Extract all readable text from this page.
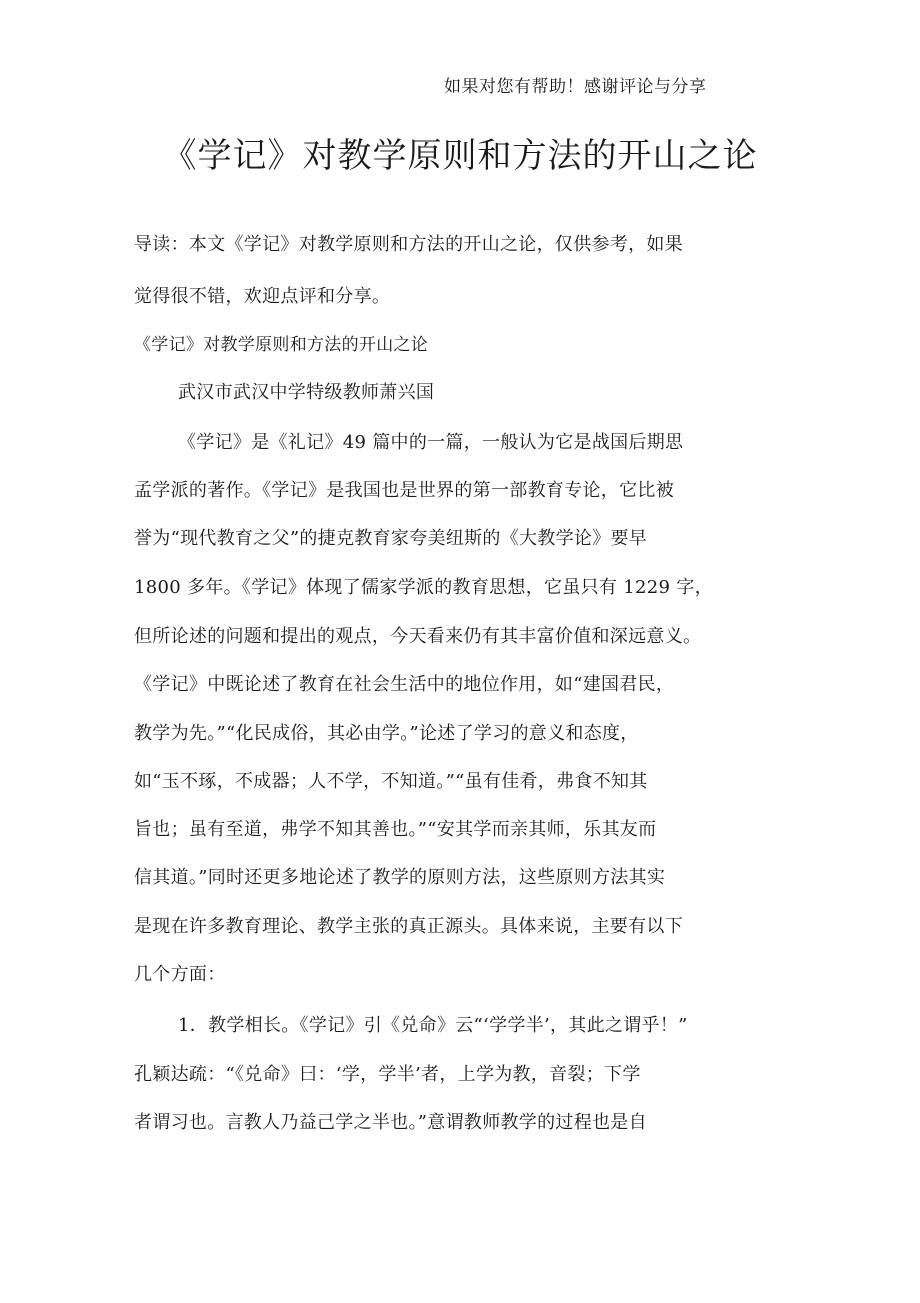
如果对您有帮助！感谢评论与分享
《学记》对教学原则和方法的开山之论
导读：本文《学记》对教学原则和方法的开山之论，仅供参考，如果
觉得很不错，欢迎点评和分享。
《学记》对教学原则和方法的开山之论
武汉市武汉中学特级教师萧兴国
《学记》是《礼记》49 篇中的一篇，一般认为它是战国后期思
孟学派的著作。《学记》是我国也是世界的第一部教育专论，它比被
誉为“现代教育之父”的捷克教育家夸美纽斯的《大教学论》要早
1800 多年。《学记》体现了儒家学派的教育思想，它虽只有 1229 字，
但所论述的问题和提出的观点，今天看来仍有其丰富价值和深远意义。
《学记》中既论述了教育在社会生活中的地位作用，如“建国君民，
教学为先。”“化民成俗，其必由学。”论述了学习的意义和态度，
如“玉不琢，不成器；人不学，不知道。”“虽有佳肴，弗食不知其
旨也；虽有至道，弗学不知其善也。”“安其学而亲其师，乐其友而
信其道。”同时还更多地论述了教学的原则方法，这些原则方法其实
是现在许多教育理论、教学主张的真正源头。具体来说，主要有以下
几个方面：
1．教学相长。《学记》引《兑命》云“‘学学半’，其此之谓乎！”
孔颖达疏：“《兑命》曰：‘学，学半’者，上学为教，音裂；下学
者谓习也。言教人乃益己学之半也。”意谓教师教学的过程也是自
